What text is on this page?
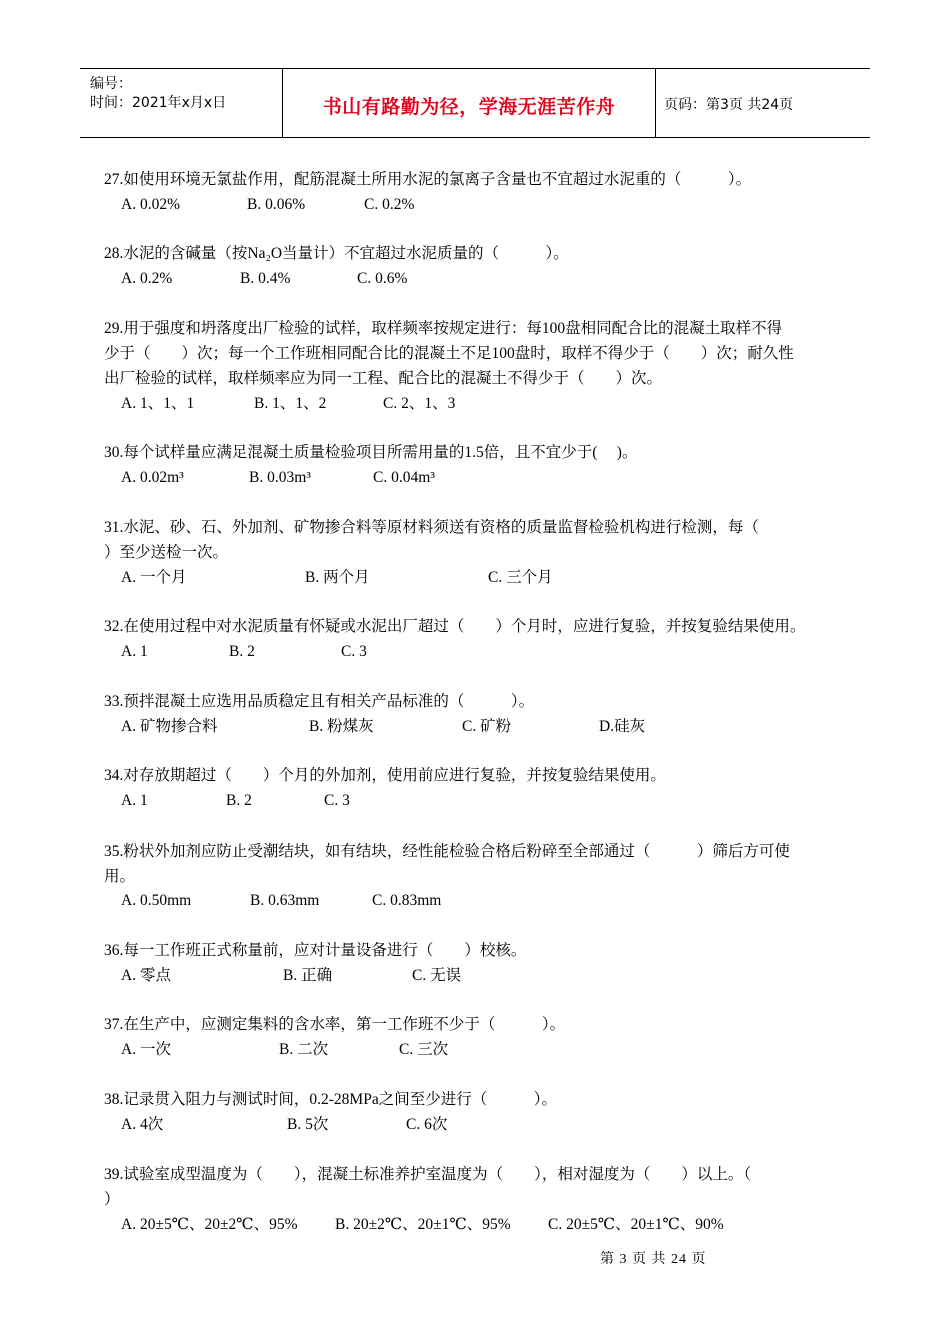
编号：
时间：2021年x月x日	书山有路勤为径，学海无涯苦作舟	页码：第3页 共24页
27.如使用环境无氯盐作用，配筋混凝土所用水泥的氯离子含量也不宜超过水泥重的（　　　）。
A. 0.02%	B. 0.06%	C. 0.2%
28.水泥的含碱量（按Na₂O当量计）不宜超过水泥质量的（　　　）。
A. 0.2%	B. 0.4%	C. 0.6%
29.用于强度和坍落度出厂检验的试样，取样频率按规定进行：每100盘相同配合比的混凝土取样不得
少于（　　）次；每一个工作班相同配合比的混凝土不足100盘时，取样不得少于（　　）次；耐久性
出厂检验的试样，取样频率应为同一工程、配合比的混凝土不得少于（　　）次。
A. 1、1、1	B. 1、1、2	C. 2、1、3
30.每个试样量应满足混凝土质量检验项目所需用量的1.5倍，且不宜少于(　 )。
A. 0.02m³	B. 0.03m³	C. 0.04m³
31.水泥、砂、石、外加剂、矿物掺合料等原材料须送有资格的质量监督检验机构进行检测，每（
）至少送检一次。
A. 一个月	B. 两个月	C. 三个月
32.在使用过程中对水泥质量有怀疑或水泥出厂超过（　　）个月时，应进行复验，并按复验结果使用。
A. 1	B. 2	C. 3
33.预拌混凝土应选用品质稳定且有相关产品标准的（　　　）。
A. 矿物掺合料	B. 粉煤灰	C. 矿粉	D.硅灰
34.对存放期超过（　　）个月的外加剂，使用前应进行复验，并按复验结果使用。
A. 1	B. 2	C. 3
35.粉状外加剂应防止受潮结块，如有结块，经性能检验合格后粉碎至全部通过（　　　）筛后方可使
用。
A. 0.50mm	B. 0.63mm	C. 0.83mm
36.每一工作班正式称量前，应对计量设备进行（　　）校核。
A. 零点	B. 正确	C. 无误
37.在生产中，应测定集料的含水率，第一工作班不少于（　　　）。
A. 一次	B. 二次	C. 三次
38.记录贯入阻力与测试时间，0.2-28MPa之间至少进行（　　　）。
A. 4次	B. 5次	C. 6次
39.试验室成型温度为（　　），混凝土标准养护室温度为（　　），相对湿度为（　　）以上。（
）
A. 20±5℃、20±2℃、95% B. 20±2℃、20±1℃、95% C. 20±5℃、20±1℃、90%
第 3 页 共 24 页
